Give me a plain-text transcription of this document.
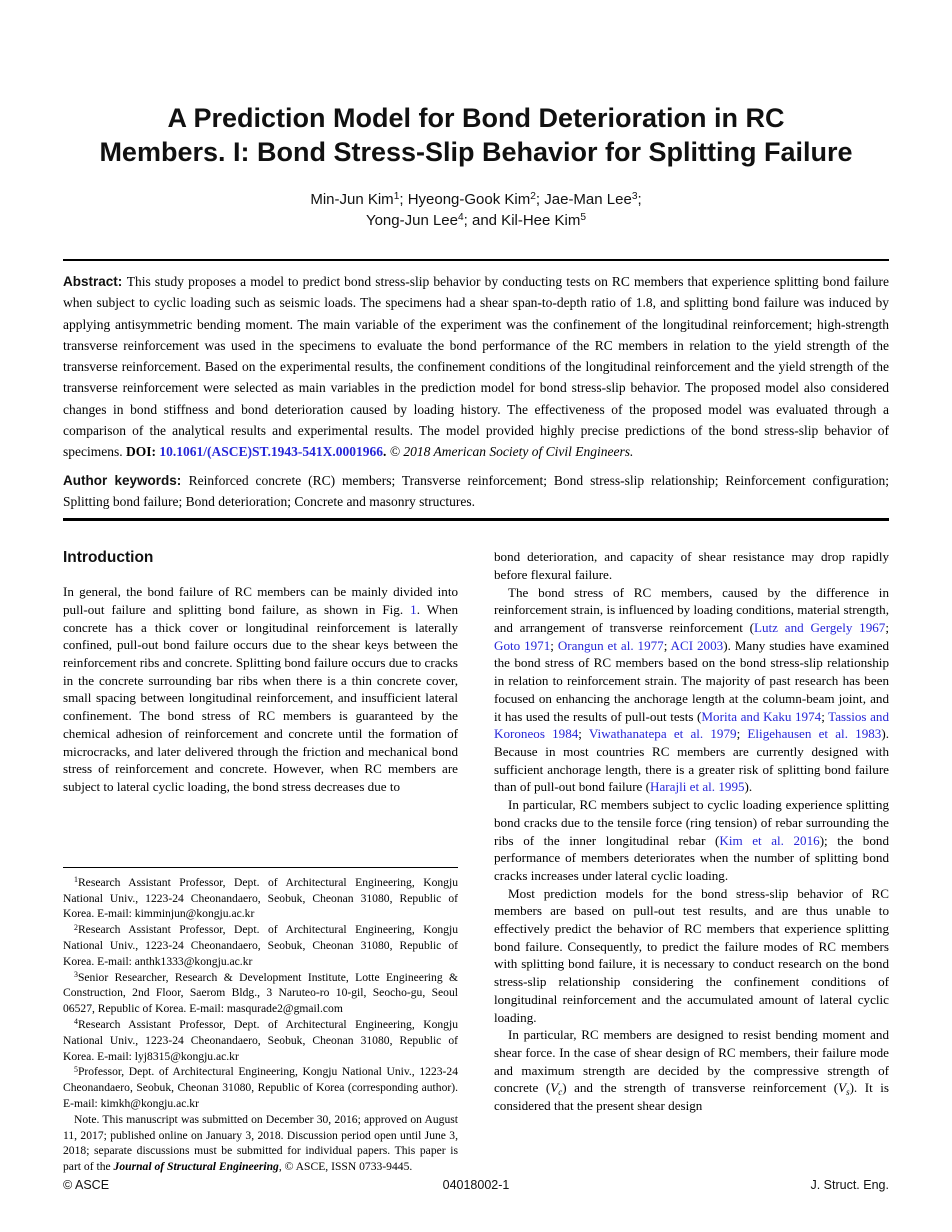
A Prediction Model for Bond Deterioration in RC
Members. I: Bond Stress-Slip Behavior for Splitting Failure

Min-Jun Kim$^1$; Hyeong-Gook Kim$^2$; Jae-Man Lee$^3$;

Yong-Jun Lee$^4$; and Kil-Hee Kim$^5$

Abstract: This study proposes a model to predict bond stress-slip behavior by conducting tests on RC members that experience splitting bond failure when subject to cyclic loading such as seismic loads. The specimens had a shear span-to-depth ratio of 1.8, and splitting bond failure was induced by applying antisymmetric bending moment. The main variable of the experiment was the confinement of the longitudinal reinforcement; high-strength transverse reinforcement was used in the specimens to evaluate the bond performance of the RC members in relation to the yield strength of the transverse reinforcement. Based on the experimental results, the confinement conditions of the longitudinal reinforcement and the yield strength of the transverse reinforcement were selected as main variables in the prediction model for bond stress-slip behavior. The proposed model also considered changes in bond stiffness and bond deterioration caused by loading history. The effectiveness of the proposed model was evaluated through a comparison of the analytical results and experimental results. The model provided highly precise predictions of the bond stress-slip behavior of specimens. DOI: 10.1061/(ASCE)ST.1943-541X.0001966. © 2018 American Society of Civil Engineers.

Author keywords: Reinforced concrete (RC) members; Transverse reinforcement; Bond stress-slip relationship; Reinforcement configuration; Splitting bond failure; Bond deterioration; Concrete and masonry structures.

Introduction

In general, the bond failure of RC members can be mainly divided into pull-out failure and splitting bond failure, as shown in Fig. 1. When concrete has a thick cover or longitudinal reinforcement is laterally confined, pull-out bond failure occurs due to the shear keys between the reinforcement ribs and concrete. Splitting bond failure occurs due to cracks in the concrete surrounding bar ribs when there is a thin concrete cover, small spacing between longitudinal reinforcement, and insufficient lateral confinement. The bond stress of RC members is guaranteed by the chemical adhesion of reinforcement and concrete until the formation of microcracks, and later delivered through the friction and mechanical bond stress of reinforcement and concrete. However, when RC members are subject to lateral cyclic loading, the bond stress decreases due to

$^1$Research Assistant Professor, Dept. of Architectural Engineering, Kongju National Univ., 1223-24 Cheonandaero, Seobuk, Cheonan 31080, Republic of Korea. E-mail: kimminjun@kongju.ac.kr

$^2$Research Assistant Professor, Dept. of Architectural Engineering, Kongju National Univ., 1223-24 Cheonandaero, Seobuk, Cheonan 31080, Republic of Korea. E-mail: anthk1333@kongju.ac.kr

$^3$Senior Researcher, Research & Development Institute, Lotte Engineering & Construction, 2nd Floor, Saerom Bldg., 3 Naruteo-ro 10-gil, Seocho-gu, Seoul 06527, Republic of Korea. E-mail: masqurade2@gmail.com

$^4$Research Assistant Professor, Dept. of Architectural Engineering, Kongju National Univ., 1223-24 Cheonandaero, Seobuk, Cheonan 31080, Republic of Korea. E-mail: lyj8315@kongju.ac.kr

$^5$Professor, Dept. of Architectural Engineering, Kongju National Univ., 1223-24 Cheonandaero, Seobuk, Cheonan 31080, Republic of Korea (corresponding author). E-mail: kimkh@kongju.ac.kr

Note. This manuscript was submitted on December 30, 2016; approved on August 11, 2017; published online on January 3, 2018. Discussion period open until June 3, 2018; separate discussions must be submitted for individual papers. This paper is part of the Journal of Structural Engineering, © ASCE, ISSN 0733-9445.

bond deterioration, and capacity of shear resistance may drop rapidly before flexural failure.

The bond stress of RC members, caused by the difference in reinforcement strain, is influenced by loading conditions, material strength, and arrangement of transverse reinforcement (Lutz and Gergely 1967; Goto 1971; Orangun et al. 1977; ACI 2003). Many studies have examined the bond stress of RC members based on the bond stress-slip relationship in relation to reinforcement strain. The majority of past research has been focused on enhancing the anchorage length at the column-beam joint, and it has used the results of pull-out tests (Morita and Kaku 1974; Tassios and Koroneos 1984; Viwathanatepa et al. 1979; Eligehausen et al. 1983). Because in most countries RC members are currently designed with sufficient anchorage length, there is a greater risk of splitting bond failure than of pull-out bond failure (Harajli et al. 1995).

In particular, RC members subject to cyclic loading experience splitting bond cracks due to the tensile force (ring tension) of rebar surrounding the ribs of the inner longitudinal rebar (Kim et al. 2016); the bond performance of members deteriorates when the number of splitting bond cracks increases under lateral cyclic loading.

Most prediction models for the bond stress-slip behavior of RC members are based on pull-out test results, and are thus unable to effectively predict the behavior of RC members that experience splitting bond failure. Consequently, to predict the failure modes of RC members with splitting bond failure, it is necessary to conduct research on the bond stress-slip relationship considering the confinement conditions of longitudinal reinforcement and the accumulated amount of lateral cyclic loading.

In particular, RC members are designed to resist bending moment and shear force. In the case of shear design of RC members, their failure mode and maximum strength are decided by the compressive strength of concrete $(V_c)$ and the strength of transverse reinforcement $(V_s)$. It is considered that the present shear design

© ASCE	04018002-1	J. Struct. Eng.
